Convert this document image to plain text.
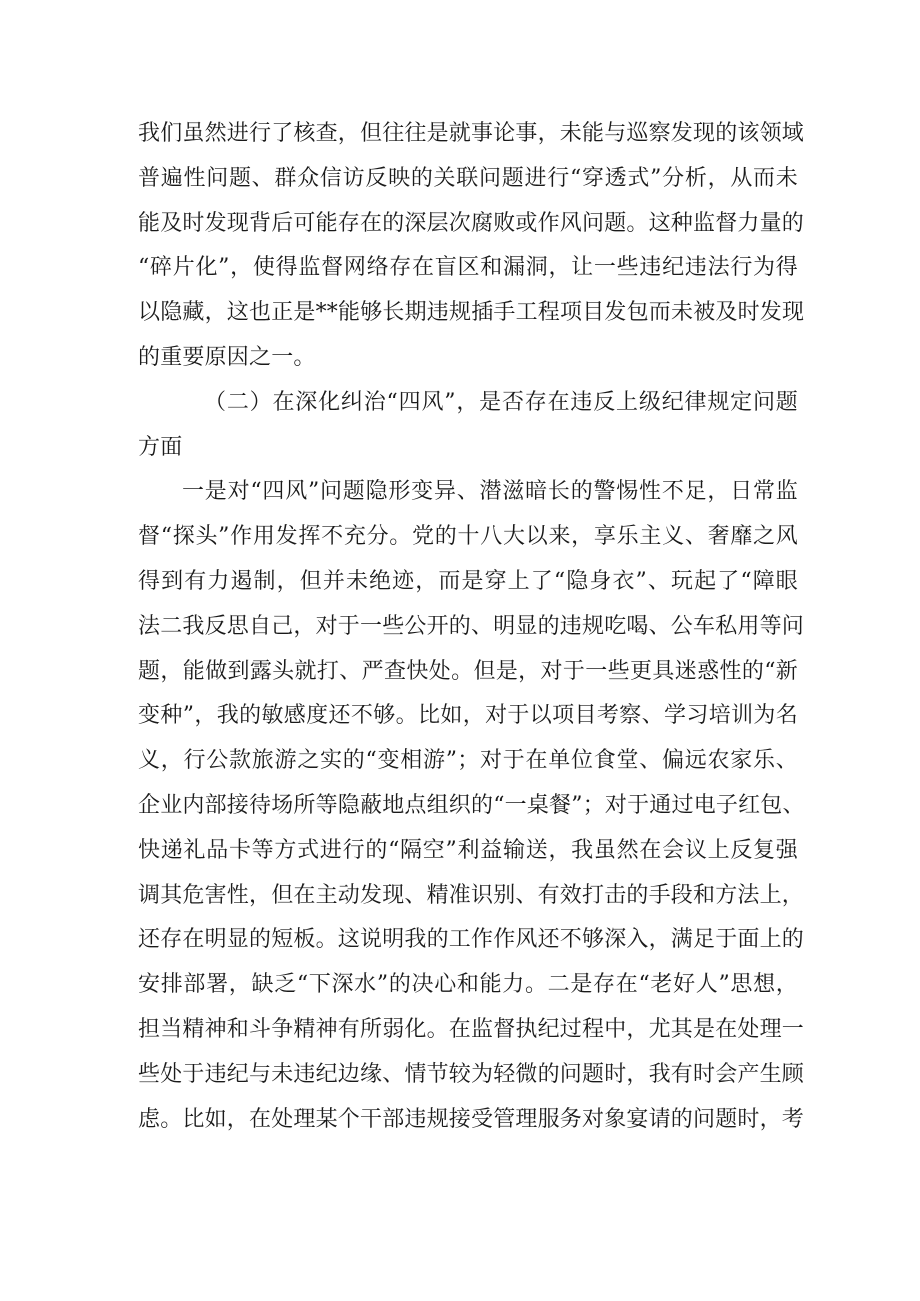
我们虽然进行了核查，但往往是就事论事，未能与巡察发现的该领域
普遍性问题、群众信访反映的关联问题进行“穿透式”分析，从而未
能及时发现背后可能存在的深层次腐败或作风问题。这种监督力量的
“碎片化”，使得监督网络存在盲区和漏洞，让一些违纪违法行为得
以隐藏，这也正是**能够长期违规插手工程项目发包而未被及时发现
的重要原因之一。
（二）在深化纠治“四风”，是否存在违反上级纪律规定问题
方面
一是对“四风”问题隐形变异、潜滋暗长的警惕性不足，日常监
督“探头”作用发挥不充分。党的十八大以来，享乐主义、奢靡之风
得到有力遏制，但并未绝迹，而是穿上了“隐身衣”、玩起了“障眼
法二我反思自己，对于一些公开的、明显的违规吃喝、公车私用等问
题，能做到露头就打、严查快处。但是，对于一些更具迷惑性的“新
变种”，我的敏感度还不够。比如，对于以项目考察、学习培训为名
义，行公款旅游之实的“变相游”；对于在单位食堂、偏远农家乐、
企业内部接待场所等隐蔽地点组织的“一桌餐”；对于通过电子红包、
快递礼品卡等方式进行的“隔空”利益输送，我虽然在会议上反复强
调其危害性，但在主动发现、精准识别、有效打击的手段和方法上，
还存在明显的短板。这说明我的工作作风还不够深入，满足于面上的
安排部署，缺乏“下深水”的决心和能力。二是存在“老好人”思想，
担当精神和斗争精神有所弱化。在监督执纪过程中，尤其是在处理一
些处于违纪与未违纪边缘、情节较为轻微的问题时，我有时会产生顾
虑。比如，在处理某个干部违规接受管理服务对象宴请的问题时，考
